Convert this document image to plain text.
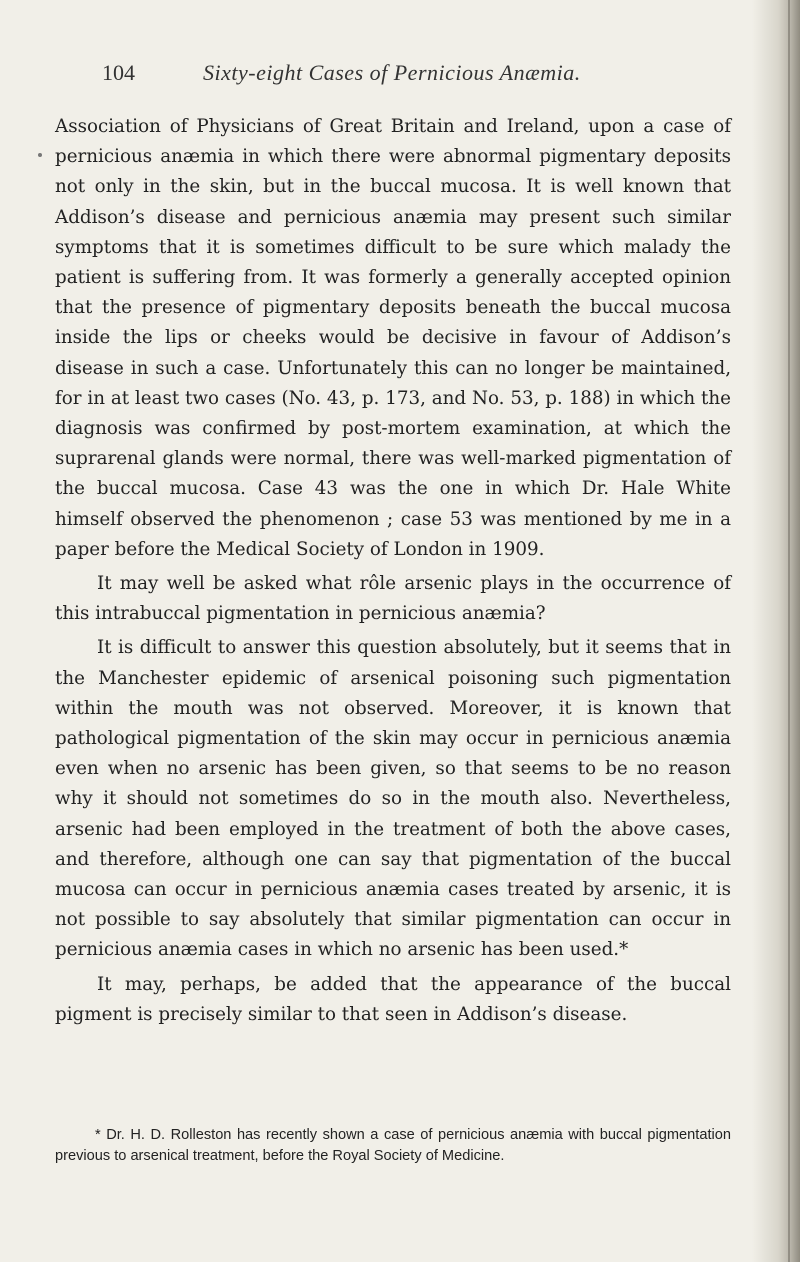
104	Sixty-eight Cases of Pernicious Anæmia.

Association of Physicians of Great Britain and Ireland, upon a case of pernicious anæmia in which there were abnormal pigmentary deposits not only in the skin, but in the buccal mucosa. It is well known that Addison’s disease and pernicious anæmia may present such similar symptoms that it is sometimes difficult to be sure which malady the patient is suffering from. It was formerly a generally accepted opinion that the presence of pigmentary deposits beneath the buccal mucosa inside the lips or cheeks would be decisive in favour of Addison’s disease in such a case. Unfortunately this can no longer be maintained, for in at least two cases (No. 43, p. 173, and No. 53, p. 188) in which the diagnosis was confirmed by post-mortem examination, at which the suprarenal glands were normal, there was well-marked pigmentation of the buccal mucosa. Case 43 was the one in which Dr. Hale White himself observed the phenomenon ; case 53 was mentioned by me in a paper before the Medical Society of London in 1909.

It may well be asked what rôle arsenic plays in the occurrence of this intrabuccal pigmentation in pernicious anæmia?

It is difficult to answer this question absolutely, but it seems that in the Manchester epidemic of arsenical poisoning such pigmentation within the mouth was not observed. Moreover, it is known that pathological pigmentation of the skin may occur in pernicious anæmia even when no arsenic has been given, so that seems to be no reason why it should not sometimes do so in the mouth also. Nevertheless, arsenic had been employed in the treatment of both the above cases, and therefore, although one can say that pigmentation of the buccal mucosa can occur in pernicious anæmia cases treated by arsenic, it is not possible to say absolutely that similar pigmentation can occur in pernicious anæmia cases in which no arsenic has been used.*

It may, perhaps, be added that the appearance of the buccal pigment is precisely similar to that seen in Addison’s disease.

* Dr. H. D. Rolleston has recently shown a case of pernicious anæmia with buccal pigmentation previous to arsenical treatment, before the Royal Society of Medicine.
